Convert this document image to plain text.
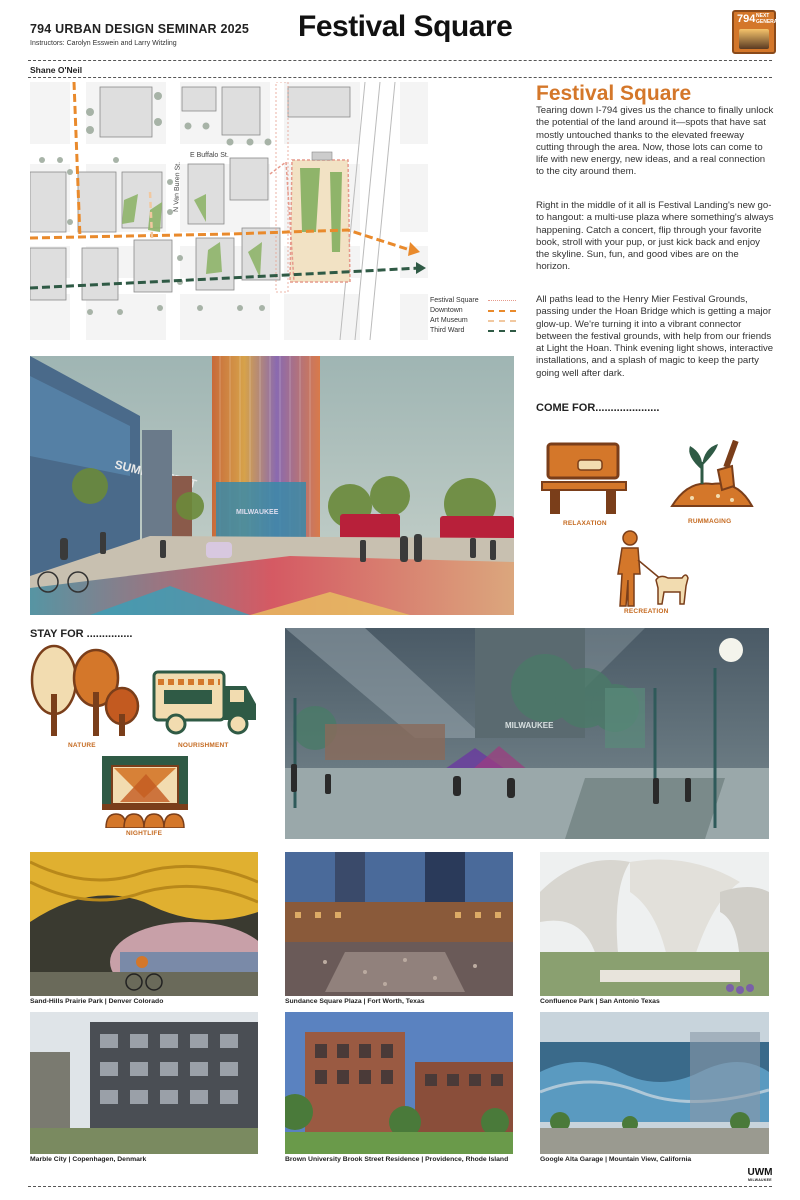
794 URBAN DESIGN SEMINAR 2025
Instructors: Carolyn Esswein and Larry Witzling
Festival Square
Shane O'Neil
794 NEXT
GENERATION
E Buffalo St.
N Van Buren St.
Festival Square
Downtown
Art Museum
Third Ward
Festival Square
Tearing down I-794 gives us the chance to finally unlock the potential of the land around it—spots that have sat mostly untouched thanks to the elevated freeway cutting through the area. Now, those lots can come to life with new energy, new ideas, and a real connection to the city around them.
Right in the middle of it all is Festival Landing's new go-to hangout: a multi-use plaza where something's always happening. Catch a concert, flip through your favorite book, stroll with your pup, or just kick back and enjoy the skyline. Sun, fun, and good vibes are on the horizon.
All paths lead to the Henry Mier Festival Grounds, passing under the Hoan Bridge which is getting a major glow-up. We're turning it into a vibrant connector between the festival grounds, with help from our friends at Light the Hoan. Think evening light shows, interactive installations, and a splash of magic to keep the party going well after dark.
COME FOR.....................
RELAXATION	RUMMAGING
RECREATION
MILWAUKEE
STAY FOR ...............
NATURE	NOURISHMENT
NIGHTLIFE
MILWAUKEE
Sand-Hills Prairie Park | Denver Colorado	Sundance Square Plaza | Fort Worth, Texas	Confluence Park | San Antonio Texas
Marble City | Copenhagen, Denmark	Brown University Brook Street Residence | Providence, Rhode Island	Google Alta Garage | Mountain View, California
UWM
MILWAUKEE
